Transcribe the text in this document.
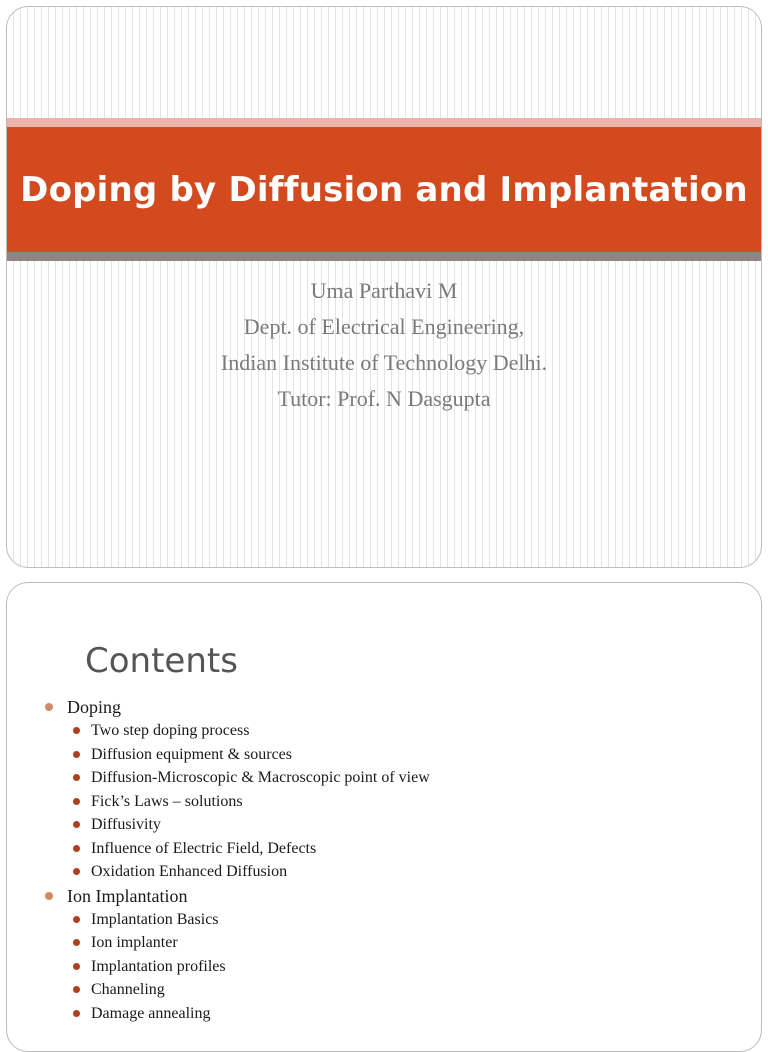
Doping by Diffusion and Implantation
Uma Parthavi M
Dept. of Electrical Engineering,
Indian Institute of Technology Delhi.
Tutor: Prof. N Dasgupta
Contents
Doping
Two step doping process
Diffusion equipment & sources
Diffusion-Microscopic & Macroscopic point of view
Fick’s Laws – solutions
Diffusivity
Influence of Electric Field, Defects
Oxidation Enhanced Diffusion
Ion Implantation
Implantation Basics
Ion implanter
Implantation profiles
Channeling
Damage annealing
